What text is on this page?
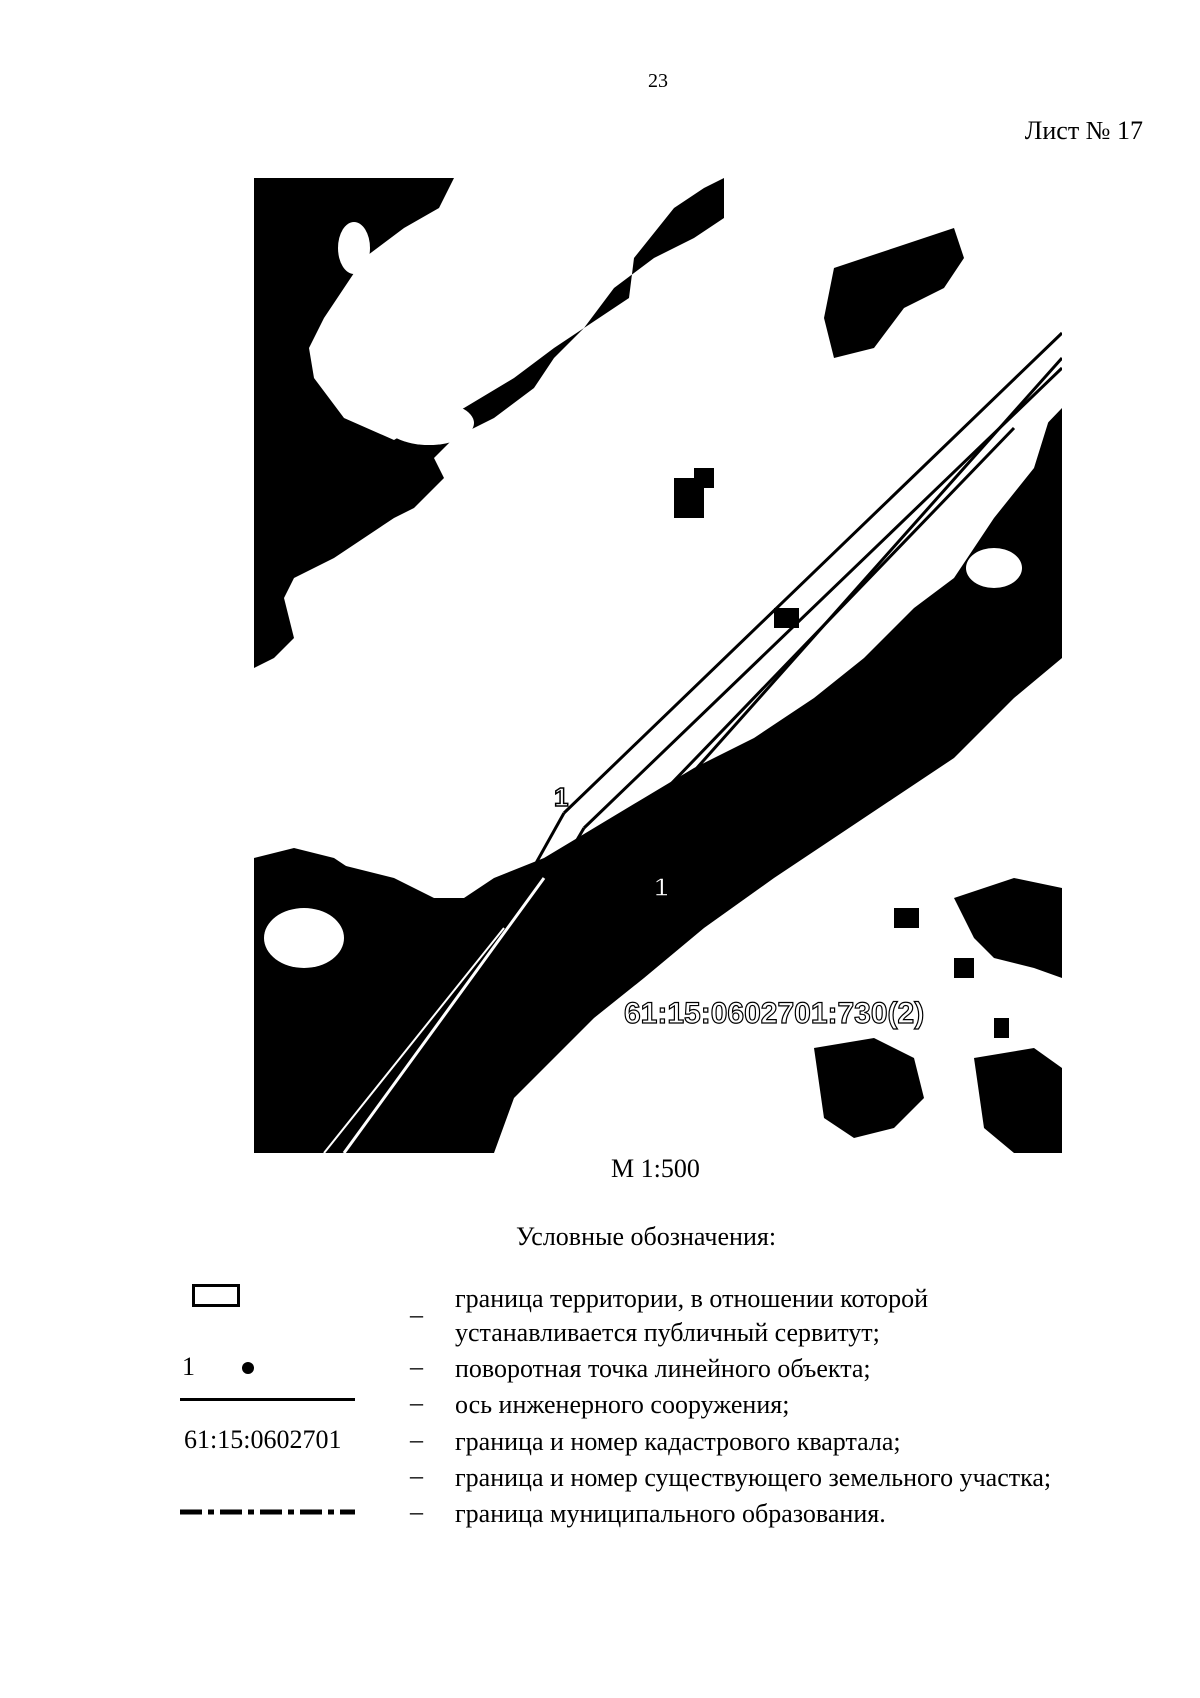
23
Лист № 17
1
1
61:15:0602701:730(2)
М 1:500
Условные обозначения:
–
граница территории, в отношении которой
устанавливается публичный сервитут;
1	– поворотная точка линейного объекта;
– ось инженерного сооружения;
61:15:0602701	– граница и номер кадастрового квартала;
– граница и номер существующего земельного участка;
– граница муниципального образования.
